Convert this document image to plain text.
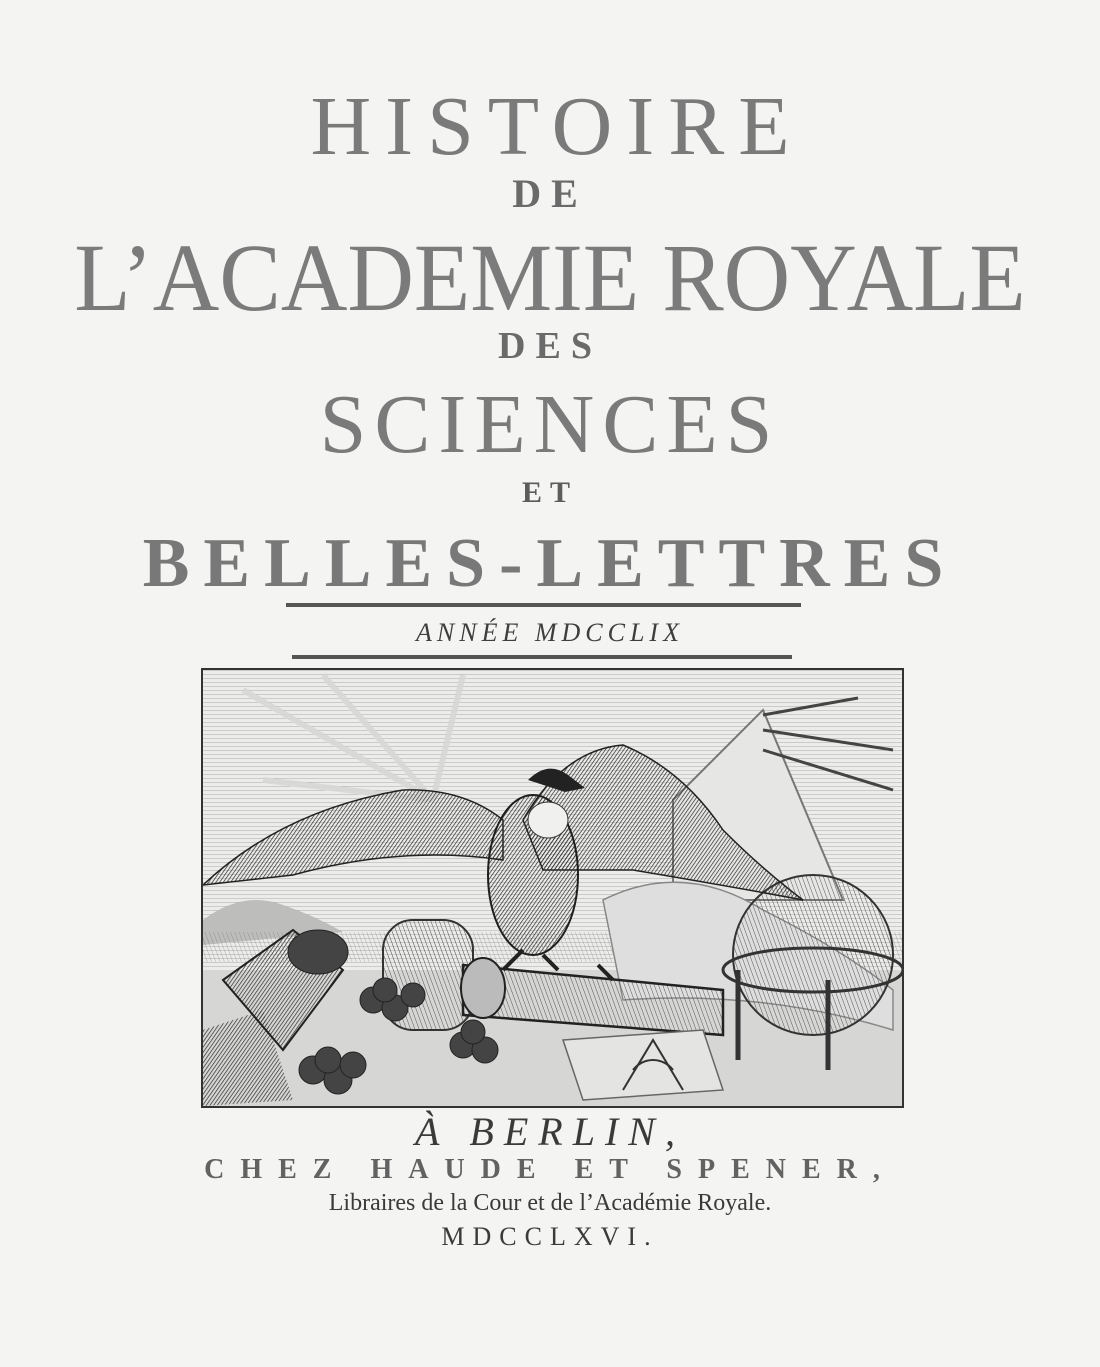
HISTOIRE
DE
L’ACADEMIE ROYALE
DES
SCIENCES
ET
BELLES-LETTRES
ANNÉE MDCCLIX
À BERLIN,
CHEZ HAUDE ET SPENER,
Libraires de la Cour et de l’Académie Royale.
MDCCLXVI.
